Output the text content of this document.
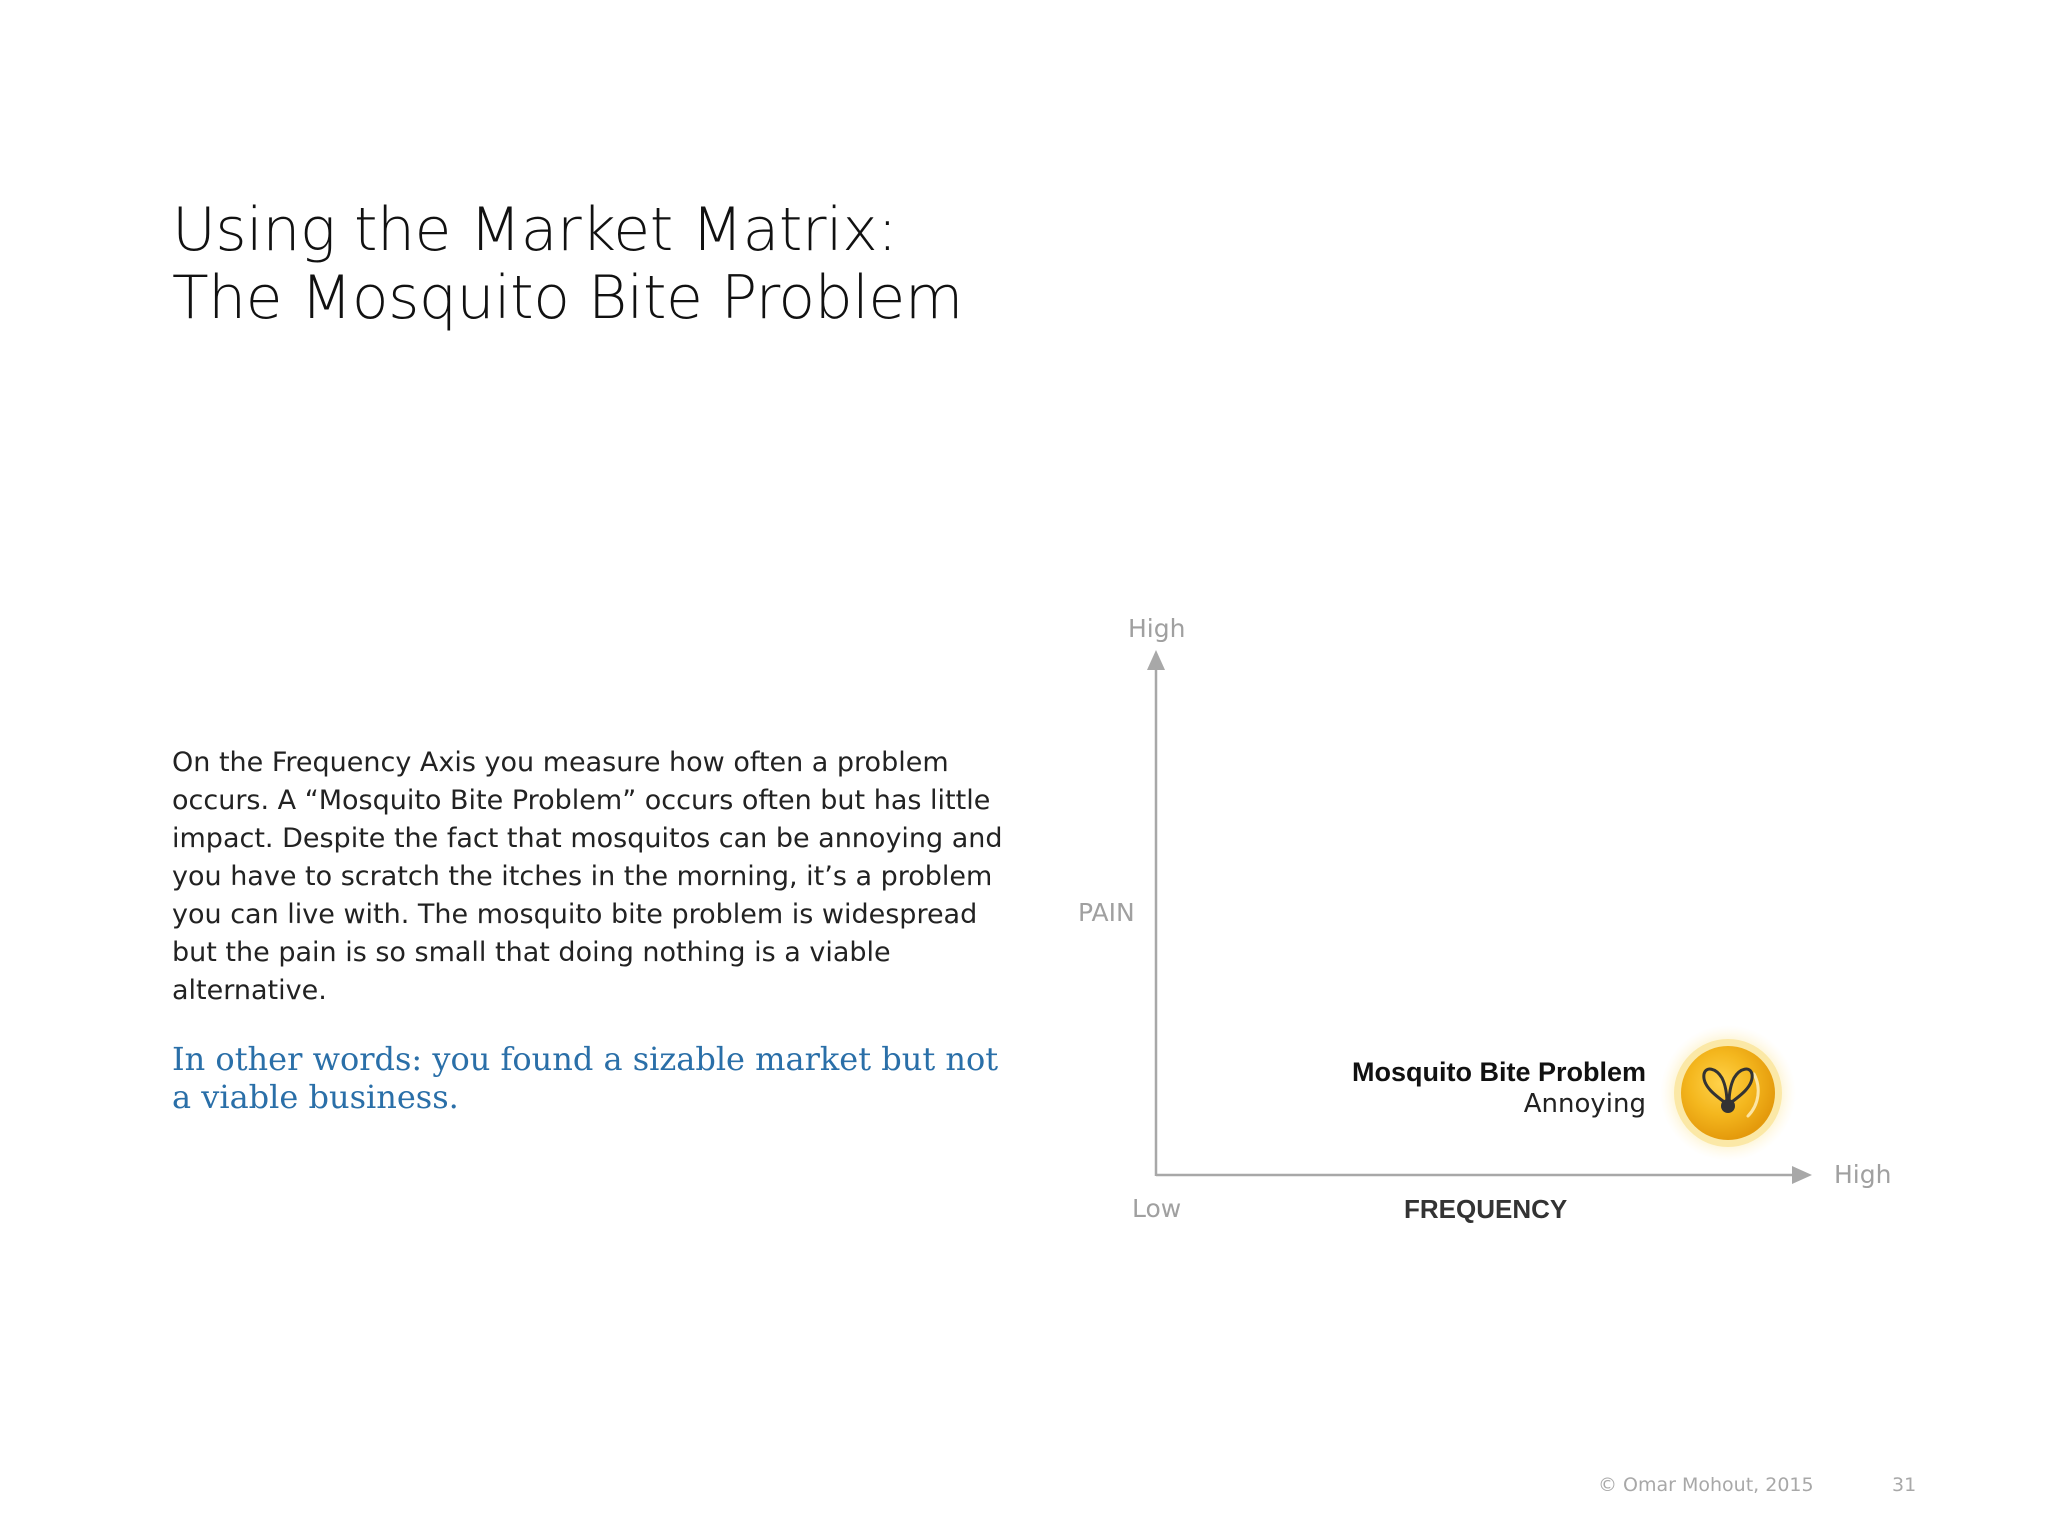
Using the Market Matrix:
The Mosquito Bite Problem

On the Frequency Axis you measure how often a problem occurs. A “Mosquito Bite Problem” occurs often but has little impact. Despite the fact that mosquitos can be annoying and you have to scratch the itches in the morning, it’s a problem you can live with. The mosquito bite problem is widespread but the pain is so small that doing nothing is a viable alternative.

In other words: you found a sizable market but not a viable business.

High
PAIN
Low	FREQUENCY
High
Mosquito Bite Problem
Annoying
© Omar Mohout, 2015	31
